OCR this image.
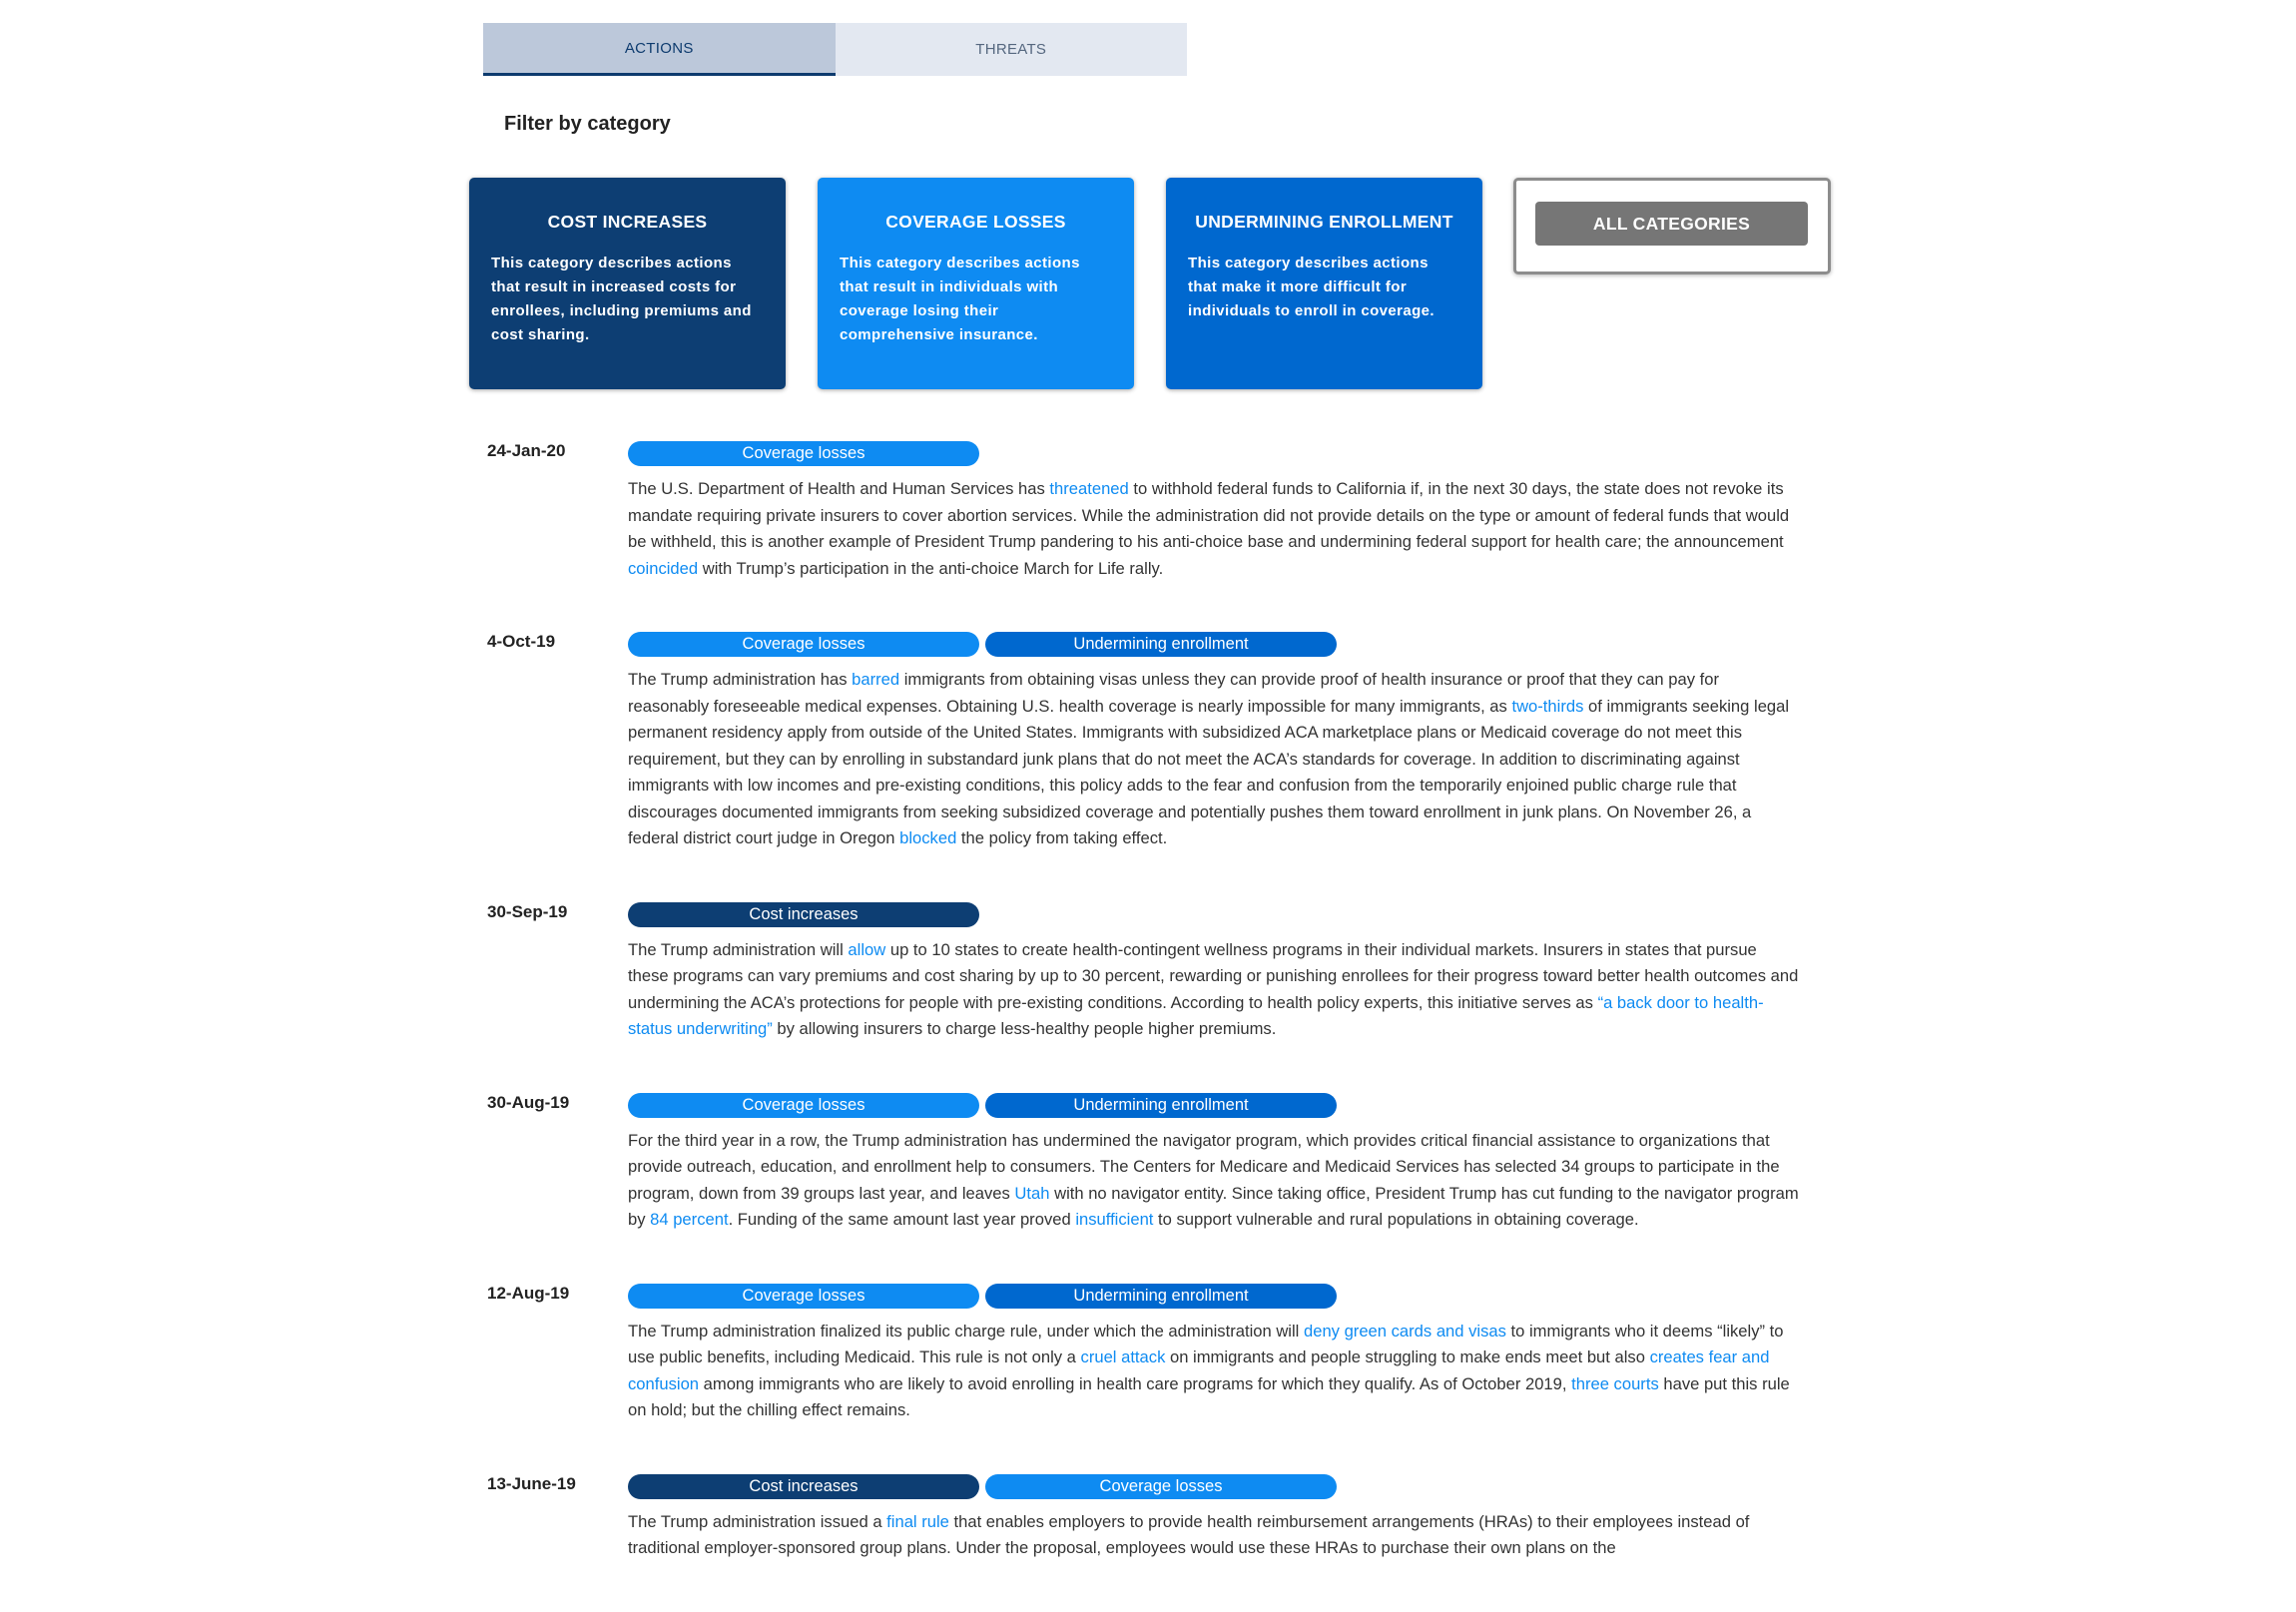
ACTIONS	THREATS
Filter by category
COST INCREASES
This category describes actions that result in increased costs for enrollees, including premiums and cost sharing.
COVERAGE LOSSES
This category describes actions that result in individuals with coverage losing their comprehensive insurance.
UNDERMINING ENROLLMENT
This category describes actions that make it more difficult for individuals to enroll in coverage.
ALL CATEGORIES
24-Jan-20	Coverage losses
The U.S. Department of Health and Human Services has threatened to withhold federal funds to California if, in the next 30 days, the state does not revoke its mandate requiring private insurers to cover abortion services. While the administration did not provide details on the type or amount of federal funds that would be withheld, this is another example of President Trump pandering to his anti-choice base and undermining federal support for health care; the announcement coincided with Trump’s participation in the anti-choice March for Life rally.
4-Oct-19	Coverage losses	Undermining enrollment
The Trump administration has barred immigrants from obtaining visas unless they can provide proof of health insurance or proof that they can pay for reasonably foreseeable medical expenses. Obtaining U.S. health coverage is nearly impossible for many immigrants, as two-thirds of immigrants seeking legal permanent residency apply from outside of the United States. Immigrants with subsidized ACA marketplace plans or Medicaid coverage do not meet this requirement, but they can by enrolling in substandard junk plans that do not meet the ACA’s standards for coverage. In addition to discriminating against immigrants with low incomes and pre-existing conditions, this policy adds to the fear and confusion from the temporarily enjoined public charge rule that discourages documented immigrants from seeking subsidized coverage and potentially pushes them toward enrollment in junk plans. On November 26, a federal district court judge in Oregon blocked the policy from taking effect.
30-Sep-19	Cost increases
The Trump administration will allow up to 10 states to create health-contingent wellness programs in their individual markets. Insurers in states that pursue these programs can vary premiums and cost sharing by up to 30 percent, rewarding or punishing enrollees for their progress toward better health outcomes and undermining the ACA’s protections for people with pre-existing conditions. According to health policy experts, this initiative serves as “a back door to health-status underwriting” by allowing insurers to charge less-healthy people higher premiums.
30-Aug-19	Coverage losses	Undermining enrollment
For the third year in a row, the Trump administration has undermined the navigator program, which provides critical financial assistance to organizations that provide outreach, education, and enrollment help to consumers. The Centers for Medicare and Medicaid Services has selected 34 groups to participate in the program, down from 39 groups last year, and leaves Utah with no navigator entity. Since taking office, President Trump has cut funding to the navigator program by 84 percent. Funding of the same amount last year proved insufficient to support vulnerable and rural populations in obtaining coverage.
12-Aug-19	Coverage losses	Undermining enrollment
The Trump administration finalized its public charge rule, under which the administration will deny green cards and visas to immigrants who it deems “likely” to use public benefits, including Medicaid. This rule is not only a cruel attack on immigrants and people struggling to make ends meet but also creates fear and confusion among immigrants who are likely to avoid enrolling in health care programs for which they qualify. As of October 2019, three courts have put this rule on hold; but the chilling effect remains.
13-June-19	Cost increases	Coverage losses
The Trump administration issued a final rule that enables employers to provide health reimbursement arrangements (HRAs) to their employees instead of traditional employer-sponsored group plans. Under the proposal, employees would use these HRAs to purchase their own plans on the
